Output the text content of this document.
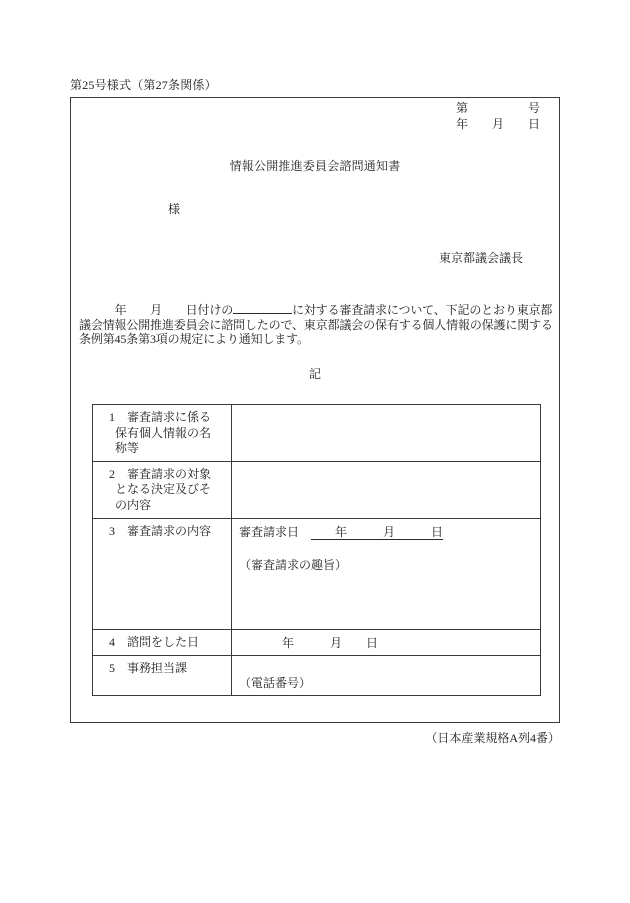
第25号様式（第27条関係）
第	号
年 月 日
情報公開推進委員会諮問通知書
様
東京都議会議長
　　　年　　月　　日付けの	に対する審査請求について、下記のとおり東京都
議会情報公開推進委員会に諮問したので、東京都議会の保有する個人情報の保護に関する
条例第45条第3項の規定により通知します。
記
1　審査請求に係る保有個人情報の名称等	
2　審査請求の対象となる決定及びその内容	
3　審査請求の内容	審査請求日　　年　　　月　　　日
（審査請求の趣旨）

4　諮問をした日	年　　　月　　日
5　事務担当課	（電話番号）
（日本産業規格A列4番）
